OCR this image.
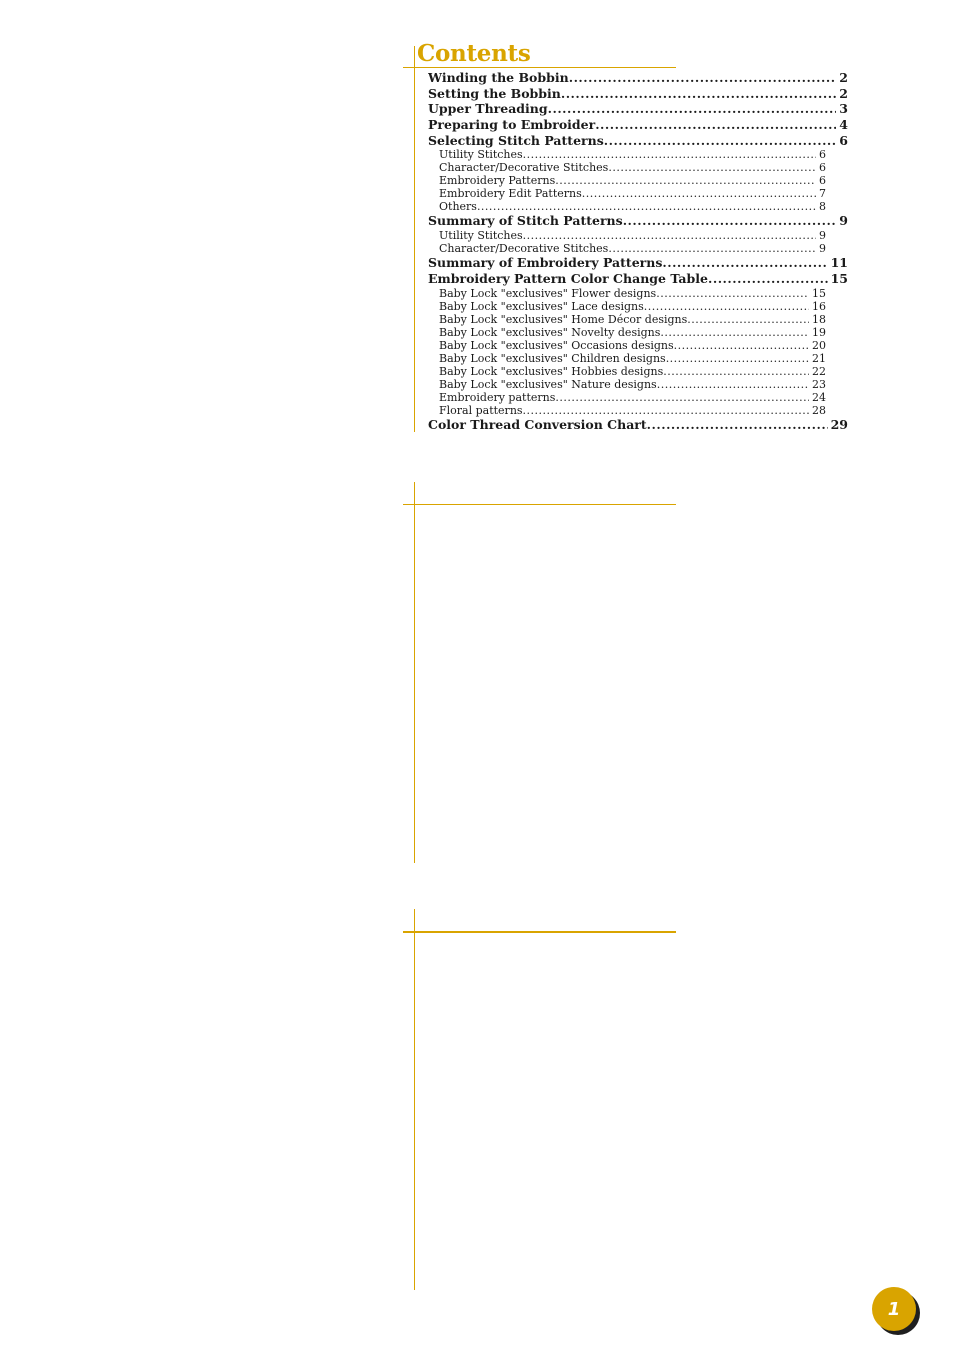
Contents
Winding the Bobbin .....	2
Setting the Bobbin .....	2
Upper Threading .....	3
Preparing to Embroider .....	4
Selecting Stitch Patterns .....	6
Utility Stitches .....	6
Character/Decorative Stitches .....	6
Embroidery Patterns .....	6
Embroidery Edit Patterns .....	7
Others .....	8
Summary of Stitch Patterns .....	9
Utility Stitches .....	9
Character/Decorative Stitches .....	9
Summary of Embroidery Patterns .....	11
Embroidery Pattern Color Change Table .....	15
Baby Lock "exclusives" Flower designs .....	15
Baby Lock "exclusives" Lace designs .....	16
Baby Lock "exclusives" Home Décor designs .....	18
Baby Lock "exclusives" Novelty designs .....	19
Baby Lock "exclusives" Occasions designs .....	20
Baby Lock "exclusives" Children designs .....	21
Baby Lock "exclusives" Hobbies designs .....	22
Baby Lock "exclusives" Nature designs .....	23
Embroidery patterns .....	24
Floral patterns .....	28
Color Thread Conversion Chart .....	29
1
